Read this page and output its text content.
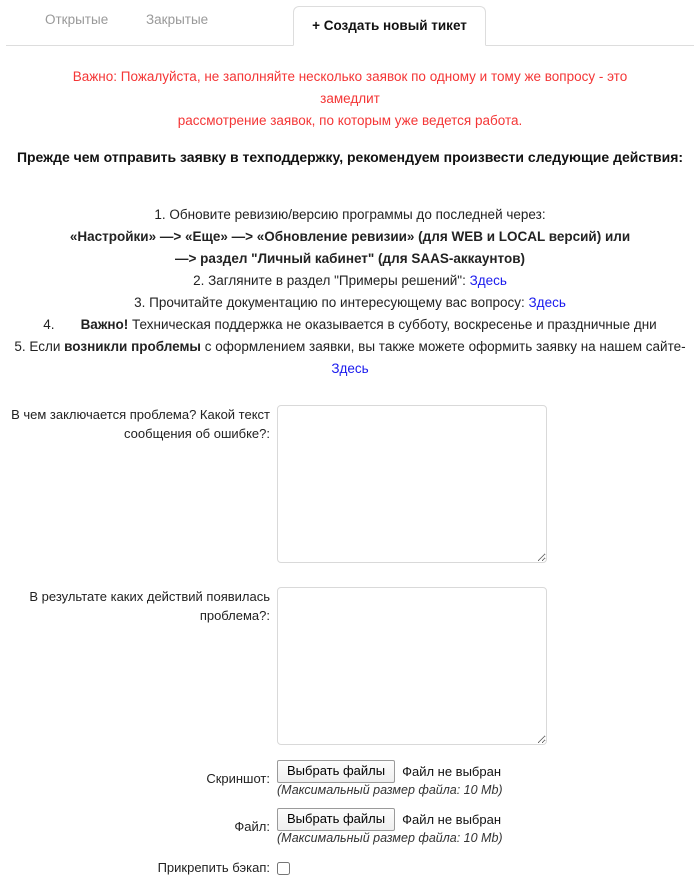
Открытые	Закрытые	+ Создать новый тикет
Важно: Пожалуйста, не заполняйте несколько заявок по одному и тому же вопросу - это замедлит
рассмотрение заявок, по которым уже ведется работа.
Прежде чем отправить заявку в техподдержку, рекомендуем произвести следующие действия:
1. Обновите ревизию/версию программы до последней через:
«Настройки» —> «Еще» —> «Обновление ревизии» (для WEB и LOCAL версий) или
—> раздел "Личный кабинет" (для SAAS-аккаунтов)
2. Загляните в раздел "Примеры решений": Здесь
3. Прочитайте документацию по интересующему вас вопросу: Здесь
4. Важно! Техническая поддержка не оказывается в субботу, воскресенье и праздничные дни
5. Если возникли проблемы с оформлением заявки, вы также можете оформить заявку на нашем сайте-
Здесь
В чем заключается проблема? Какой текст
сообщения об ошибке?:
В результате каких действий появилась
проблема?:
Скриншот:
Выбрать файлы	Файл не выбран
(Максимальный размер файла: 10 Mb)
Файл:
Выбрать файлы	Файл не выбран
(Максимальный размер файла: 10 Mb)
Прикрепить бэкап:
